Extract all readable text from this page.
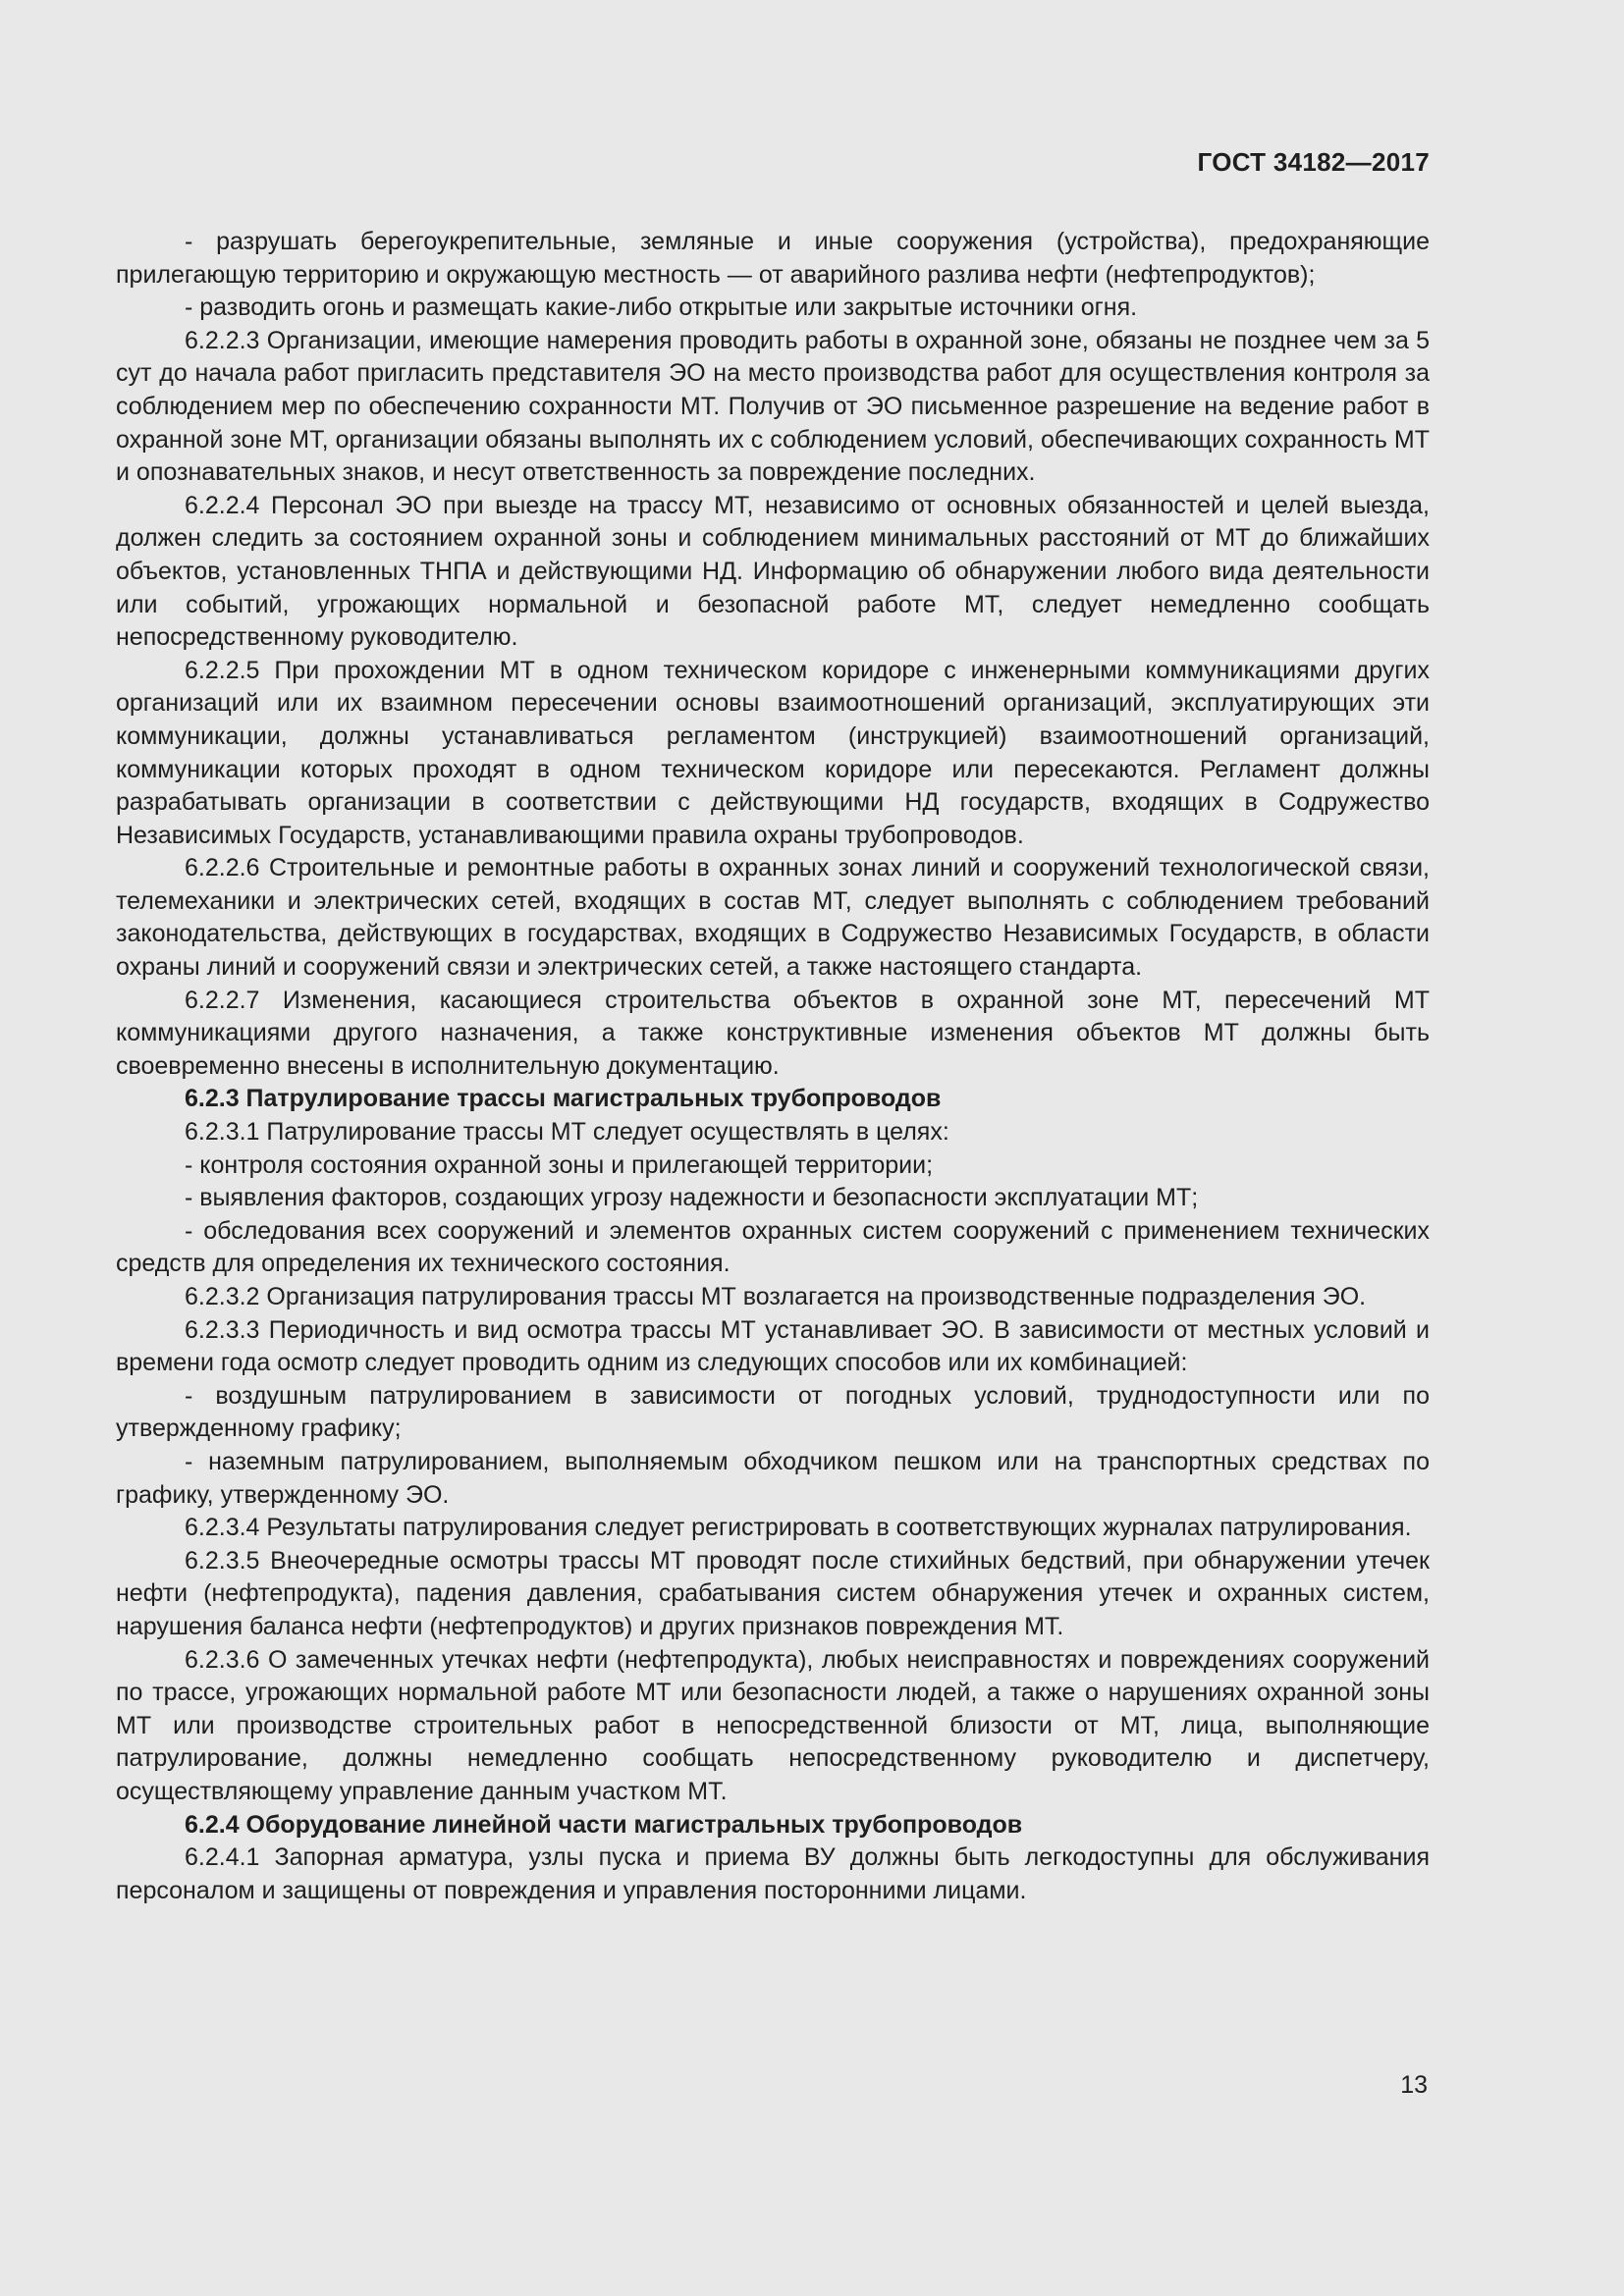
ГОСТ 34182—2017

- разрушать берегоукрепительные, земляные и иные сооружения (устройства), предохраняющие прилегающую территорию и окружающую местность — от аварийного разлива нефти (нефтепродуктов);

- разводить огонь и размещать какие-либо открытые или закрытые источники огня.

6.2.2.3 Организации, имеющие намерения проводить работы в охранной зоне, обязаны не позднее чем за 5 сут до начала работ пригласить представителя ЭО на место производства работ для осуществления контроля за соблюдением мер по обеспечению сохранности МТ. Получив от ЭО письменное разрешение на ведение работ в охранной зоне МТ, организации обязаны выполнять их с соблюдением условий, обеспечивающих сохранность МТ и опознавательных знаков, и несут ответственность за повреждение последних.

6.2.2.4 Персонал ЭО при выезде на трассу МТ, независимо от основных обязанностей и целей выезда, должен следить за состоянием охранной зоны и соблюдением минимальных расстояний от МТ до ближайших объектов, установленных ТНПА и действующими НД. Информацию об обнаружении любого вида деятельности или событий, угрожающих нормальной и безопасной работе МТ, следует немедленно сообщать непосредственному руководителю.

6.2.2.5 При прохождении МТ в одном техническом коридоре с инженерными коммуникациями других организаций или их взаимном пересечении основы взаимоотношений организаций, эксплуатирующих эти коммуникации, должны устанавливаться регламентом (инструкцией) взаимоотношений организаций, коммуникации которых проходят в одном техническом коридоре или пересекаются. Регламент должны разрабатывать организации в соответствии с действующими НД государств, входящих в Содружество Независимых Государств, устанавливающими правила охраны трубопроводов.

6.2.2.6 Строительные и ремонтные работы в охранных зонах линий и сооружений технологической связи, телемеханики и электрических сетей, входящих в состав МТ, следует выполнять с соблюдением требований законодательства, действующих в государствах, входящих в Содружество Независимых Государств, в области охраны линий и сооружений связи и электрических сетей, а также настоящего стандарта.

6.2.2.7 Изменения, касающиеся строительства объектов в охранной зоне МТ, пересечений МТ коммуникациями другого назначения, а также конструктивные изменения объектов МТ должны быть своевременно внесены в исполнительную документацию.

6.2.3 Патрулирование трассы магистральных трубопроводов

6.2.3.1 Патрулирование трассы МТ следует осуществлять в целях:

- контроля состояния охранной зоны и прилегающей территории;

- выявления факторов, создающих угрозу надежности и безопасности эксплуатации МТ;

- обследования всех сооружений и элементов охранных систем сооружений с применением технических средств для определения их технического состояния.

6.2.3.2 Организация патрулирования трассы МТ возлагается на производственные подразделения ЭО.

6.2.3.3 Периодичность и вид осмотра трассы МТ устанавливает ЭО. В зависимости от местных условий и времени года осмотр следует проводить одним из следующих способов или их комбинацией:

- воздушным патрулированием в зависимости от погодных условий, труднодоступности или по утвержденному графику;

- наземным патрулированием, выполняемым обходчиком пешком или на транспортных средствах по графику, утвержденному ЭО.

6.2.3.4 Результаты патрулирования следует регистрировать в соответствующих журналах патрулирования.

6.2.3.5 Внеочередные осмотры трассы МТ проводят после стихийных бедствий, при обнаружении утечек нефти (нефтепродукта), падения давления, срабатывания систем обнаружения утечек и охранных систем, нарушения баланса нефти (нефтепродуктов) и других признаков повреждения МТ.

6.2.3.6 О замеченных утечках нефти (нефтепродукта), любых неисправностях и повреждениях сооружений по трассе, угрожающих нормальной работе МТ или безопасности людей, а также о нарушениях охранной зоны МТ или производстве строительных работ в непосредственной близости от МТ, лица, выполняющие патрулирование, должны немедленно сообщать непосредственному руководителю и диспетчеру, осуществляющему управление данным участком МТ.

6.2.4 Оборудование линейной части магистральных трубопроводов

6.2.4.1 Запорная арматура, узлы пуска и приема ВУ должны быть легкодоступны для обслуживания персоналом и защищены от повреждения и управления посторонними лицами.

13
